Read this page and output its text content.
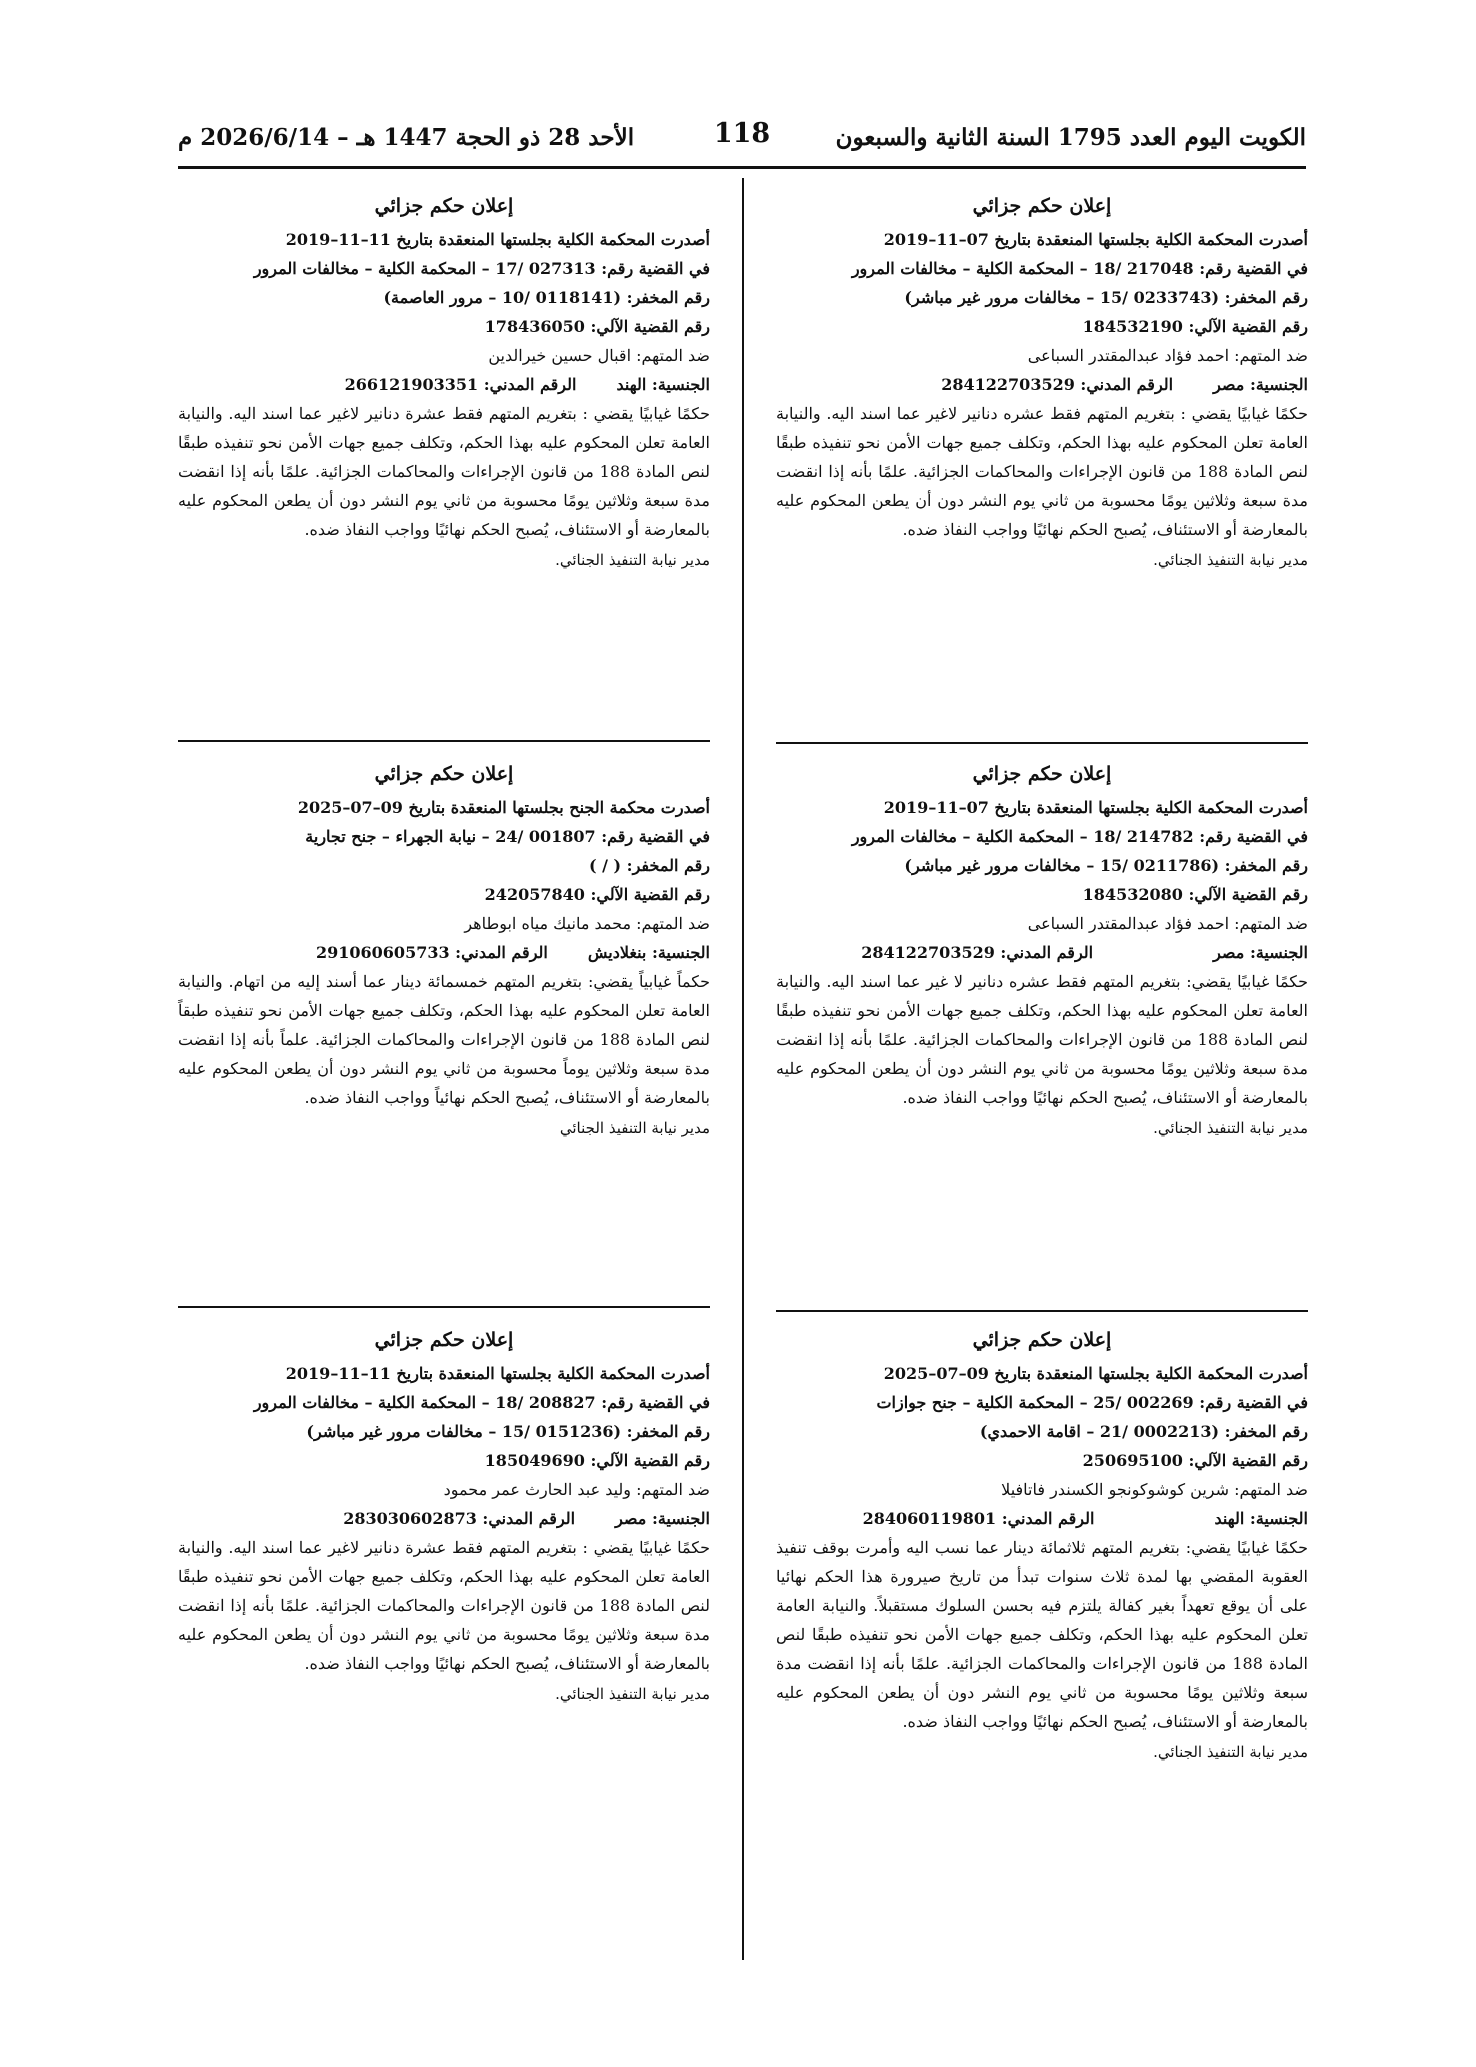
الكويت اليوم العدد 1795 السنة الثانية والسبعون
118
الأحد 28 ذو الحجة 1447 هـ – 2026/6/14 م
إعلان حكم جزائي
أصدرت المحكمة الكلية بجلستها المنعقدة بتاريخ 07–11–2019
في القضية رقم: 217048 /18 – المحكمة الكلية – مخالفات المرور
رقم المخفر: (0233743 /15 – مخالفات مرور غير مباشر)
رقم القضية الآلي: 184532190
ضد المتهم: احمد فؤاد عبدالمقتدر السباعى
الجنسية: مصرالرقم المدني: 284122703529
حكمًا غيابيًا يقضي : بتغريم المتهم فقط عشره دنانير لاغير عما اسند اليه. والنيابة العامة تعلن المحكوم عليه بهذا الحكم، وتكلف جميع جهات الأمن نحو تنفيذه طبقًا لنص المادة 188 من قانون الإجراءات والمحاكمات الجزائية. علمًا بأنه إذا انقضت مدة سبعة وثلاثين يومًا محسوبة من ثاني يوم النشر دون أن يطعن المحكوم عليه بالمعارضة أو الاستئناف، يُصبح الحكم نهائيًا وواجب النفاذ ضده.
مدير نيابة التنفيذ الجنائي.
إعلان حكم جزائي
أصدرت المحكمة الكلية بجلستها المنعقدة بتاريخ 11–11–2019
في القضية رقم: 027313 /17 – المحكمة الكلية – مخالفات المرور
رقم المخفر: (0118141 /10 – مرور العاصمة)
رقم القضية الآلي: 178436050
ضد المتهم: اقبال حسين خيرالدين
الجنسية: الهندالرقم المدني: 266121903351
حكمًا غيابيًا يقضي : بتغريم المتهم فقط عشرة دنانير لاغير عما اسند اليه. والنيابة العامة تعلن المحكوم عليه بهذا الحكم، وتكلف جميع جهات الأمن نحو تنفيذه طبقًا لنص المادة 188 من قانون الإجراءات والمحاكمات الجزائية. علمًا بأنه إذا انقضت مدة سبعة وثلاثين يومًا محسوبة من ثاني يوم النشر دون أن يطعن المحكوم عليه بالمعارضة أو الاستئناف، يُصبح الحكم نهائيًا وواجب النفاذ ضده.
مدير نيابة التنفيذ الجنائي.
إعلان حكم جزائي
أصدرت المحكمة الكلية بجلستها المنعقدة بتاريخ 07–11–2019
في القضية رقم: 214782 /18 – المحكمة الكلية – مخالفات المرور
رقم المخفر: (0211786 /15 – مخالفات مرور غير مباشر)
رقم القضية الآلي: 184532080
ضد المتهم: احمد فؤاد عبدالمقتدر السباعى
الجنسية: مصرالرقم المدني: 284122703529
حكمًا غيابيًا يقضي: بتغريم المتهم فقط عشره دنانير لا غير عما اسند اليه. والنيابة العامة تعلن المحكوم عليه بهذا الحكم، وتكلف جميع جهات الأمن نحو تنفيذه طبقًا لنص المادة 188 من قانون الإجراءات والمحاكمات الجزائية. علمًا بأنه إذا انقضت مدة سبعة وثلاثين يومًا محسوبة من ثاني يوم النشر دون أن يطعن المحكوم عليه بالمعارضة أو الاستئناف، يُصبح الحكم نهائيًا وواجب النفاذ ضده.
مدير نيابة التنفيذ الجنائي.
إعلان حكم جزائي
أصدرت محكمة الجنح بجلستها المنعقدة بتاريخ 09–07–2025
في القضية رقم: 001807 /24 – نيابة الجهراء – جنح تجارية
رقم المخفر: ( / )
رقم القضية الآلي: 242057840
ضد المتهم: محمد مانيك مياه ابوطاهر
الجنسية: بنغلاديشالرقم المدني: 291060605733
حكماً غيابياً يقضي: بتغريم المتهم خمسمائة دينار عما أسند إليه من اتهام. والنيابة العامة تعلن المحكوم عليه بهذا الحكم، وتكلف جميع جهات الأمن نحو تنفيذه طبقاً لنص المادة 188 من قانون الإجراءات والمحاكمات الجزائية. علماً بأنه إذا انقضت مدة سبعة وثلاثين يوماً محسوبة من ثاني يوم النشر دون أن يطعن المحكوم عليه بالمعارضة أو الاستئناف، يُصبح الحكم نهائياً وواجب النفاذ ضده.
مدير نيابة التنفيذ الجنائي
إعلان حكم جزائي
أصدرت المحكمة الكلية بجلستها المنعقدة بتاريخ 09–07–2025
في القضية رقم: 002269 /25 – المحكمة الكلية – جنح جوازات
رقم المخفر: (0002213 /21 – اقامة الاحمدي)
رقم القضية الآلي: 250695100
ضد المتهم: شرين كوشوكونجو الكسندر فاتافيلا
الجنسية: الهندالرقم المدني: 284060119801
حكمًا غيابيًا يقضي: بتغريم المتهم ثلاثمائة دينار عما نسب اليه وأمرت بوقف تنفيذ العقوبة المقضي بها لمدة ثلاث سنوات تبدأ من تاريخ صيرورة هذا الحكم نهائيا على أن يوقع تعهداً بغير كفالة يلتزم فيه بحسن السلوك مستقبلاً. والنيابة العامة تعلن المحكوم عليه بهذا الحكم، وتكلف جميع جهات الأمن نحو تنفيذه طبقًا لنص المادة 188 من قانون الإجراءات والمحاكمات الجزائية. علمًا بأنه إذا انقضت مدة سبعة وثلاثين يومًا محسوبة من ثاني يوم النشر دون أن يطعن المحكوم عليه بالمعارضة أو الاستئناف، يُصبح الحكم نهائيًا وواجب النفاذ ضده.
مدير نيابة التنفيذ الجنائي.
إعلان حكم جزائي
أصدرت المحكمة الكلية بجلستها المنعقدة بتاريخ 11–11–2019
في القضية رقم: 208827 /18 – المحكمة الكلية – مخالفات المرور
رقم المخفر: (0151236 /15 – مخالفات مرور غير مباشر)
رقم القضية الآلي: 185049690
ضد المتهم: وليد عبد الحارث عمر محمود
الجنسية: مصرالرقم المدني: 283030602873
حكمًا غيابيًا يقضي : بتغريم المتهم فقط عشرة دنانير لاغير عما اسند اليه. والنيابة العامة تعلن المحكوم عليه بهذا الحكم، وتكلف جميع جهات الأمن نحو تنفيذه طبقًا لنص المادة 188 من قانون الإجراءات والمحاكمات الجزائية. علمًا بأنه إذا انقضت مدة سبعة وثلاثين يومًا محسوبة من ثاني يوم النشر دون أن يطعن المحكوم عليه بالمعارضة أو الاستئناف، يُصبح الحكم نهائيًا وواجب النفاذ ضده.
مدير نيابة التنفيذ الجنائي.
